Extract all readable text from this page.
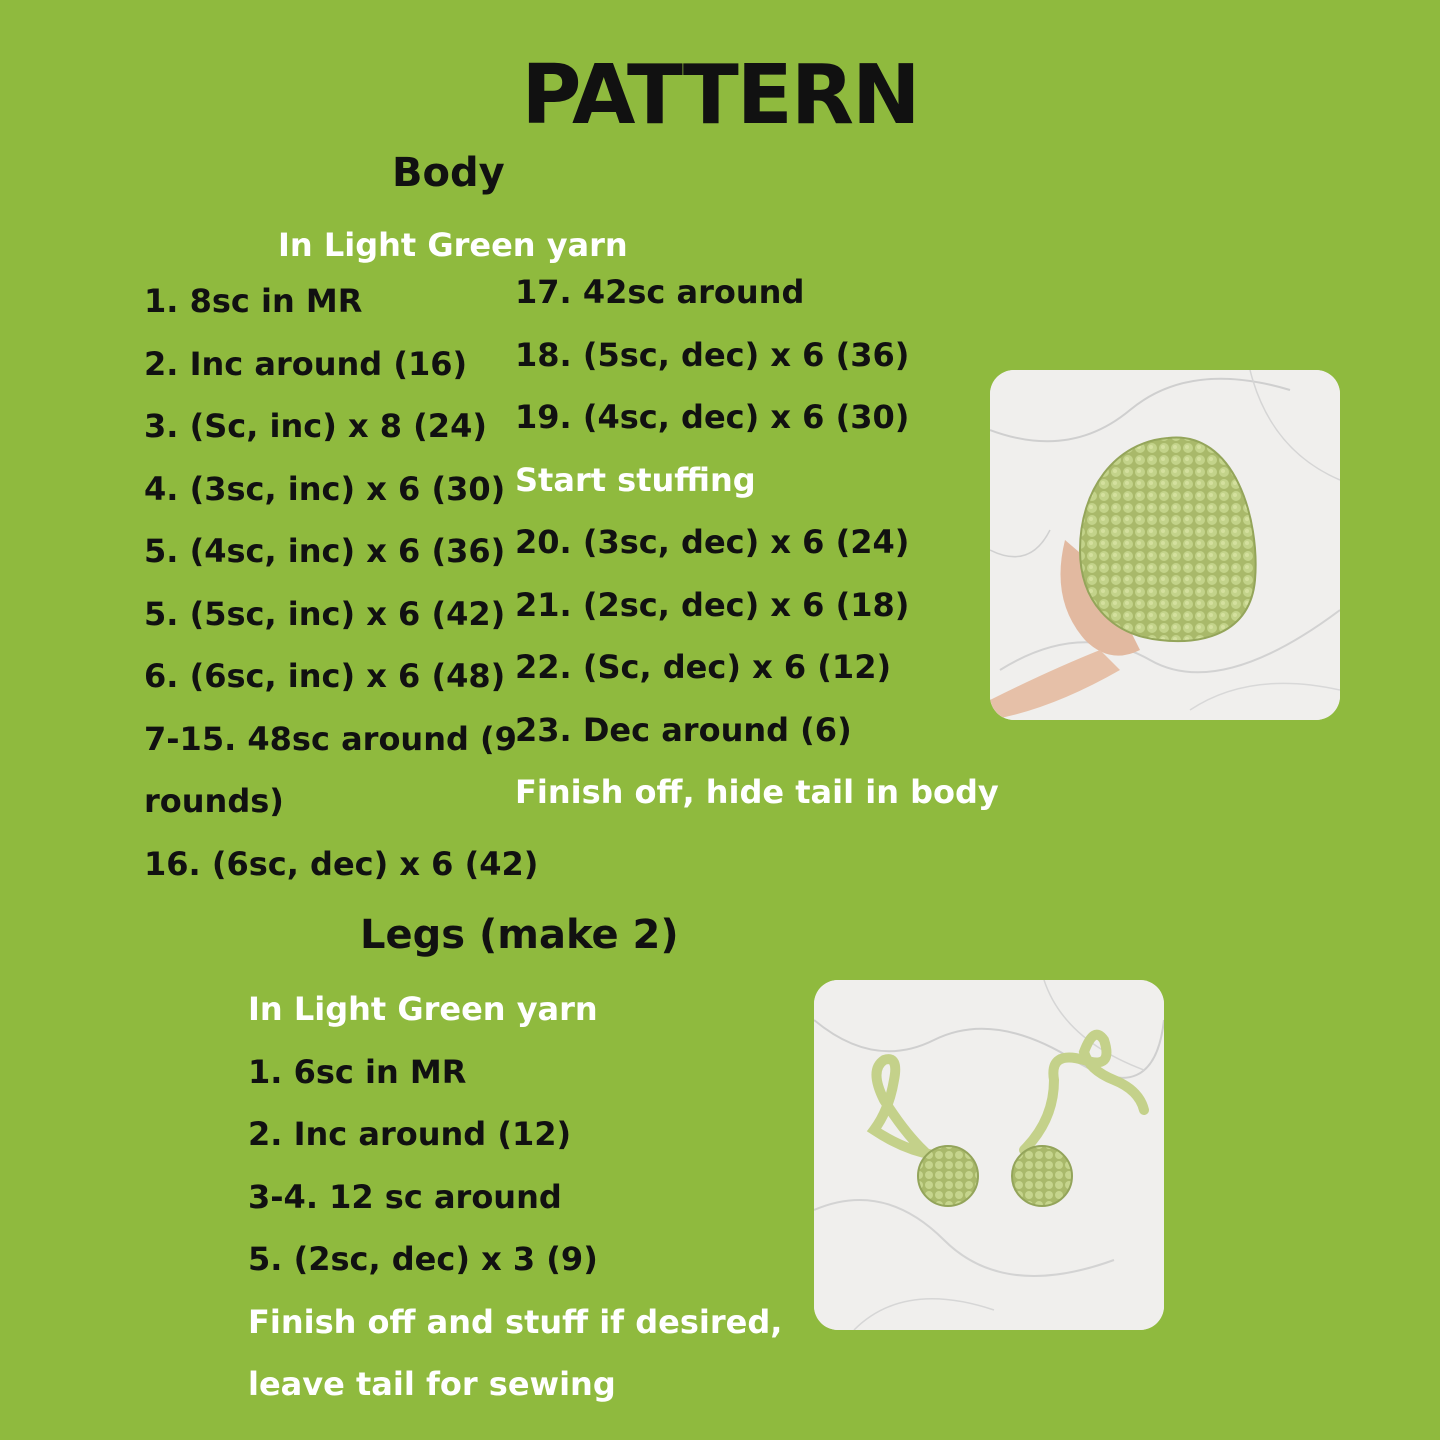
PATTERN
Body
In Light Green yarn
1. 8sc in MR
2. Inc around (16)
3. (Sc, inc) x 8 (24)
4. (3sc, inc) x 6 (30)
5. (4sc, inc) x 6 (36)
5. (5sc, inc) x 6 (42)
6. (6sc, inc) x 6 (48)
7-15. 48sc around (9
rounds)
16. (6sc, dec) x 6 (42)
17. 42sc around
18. (5sc, dec) x 6 (36)
19. (4sc, dec) x 6 (30)
Start stuffing
20. (3sc, dec) x 6 (24)
21. (2sc, dec) x 6 (18)
22. (Sc, dec) x 6 (12)
23. Dec around (6)
Finish off, hide tail in body
Legs (make 2)
In Light Green yarn
1. 6sc in MR
2. Inc around (12)
3-4. 12 sc around
5. (2sc, dec) x 3 (9)
Finish off and stuff if desired,
leave tail for sewing
